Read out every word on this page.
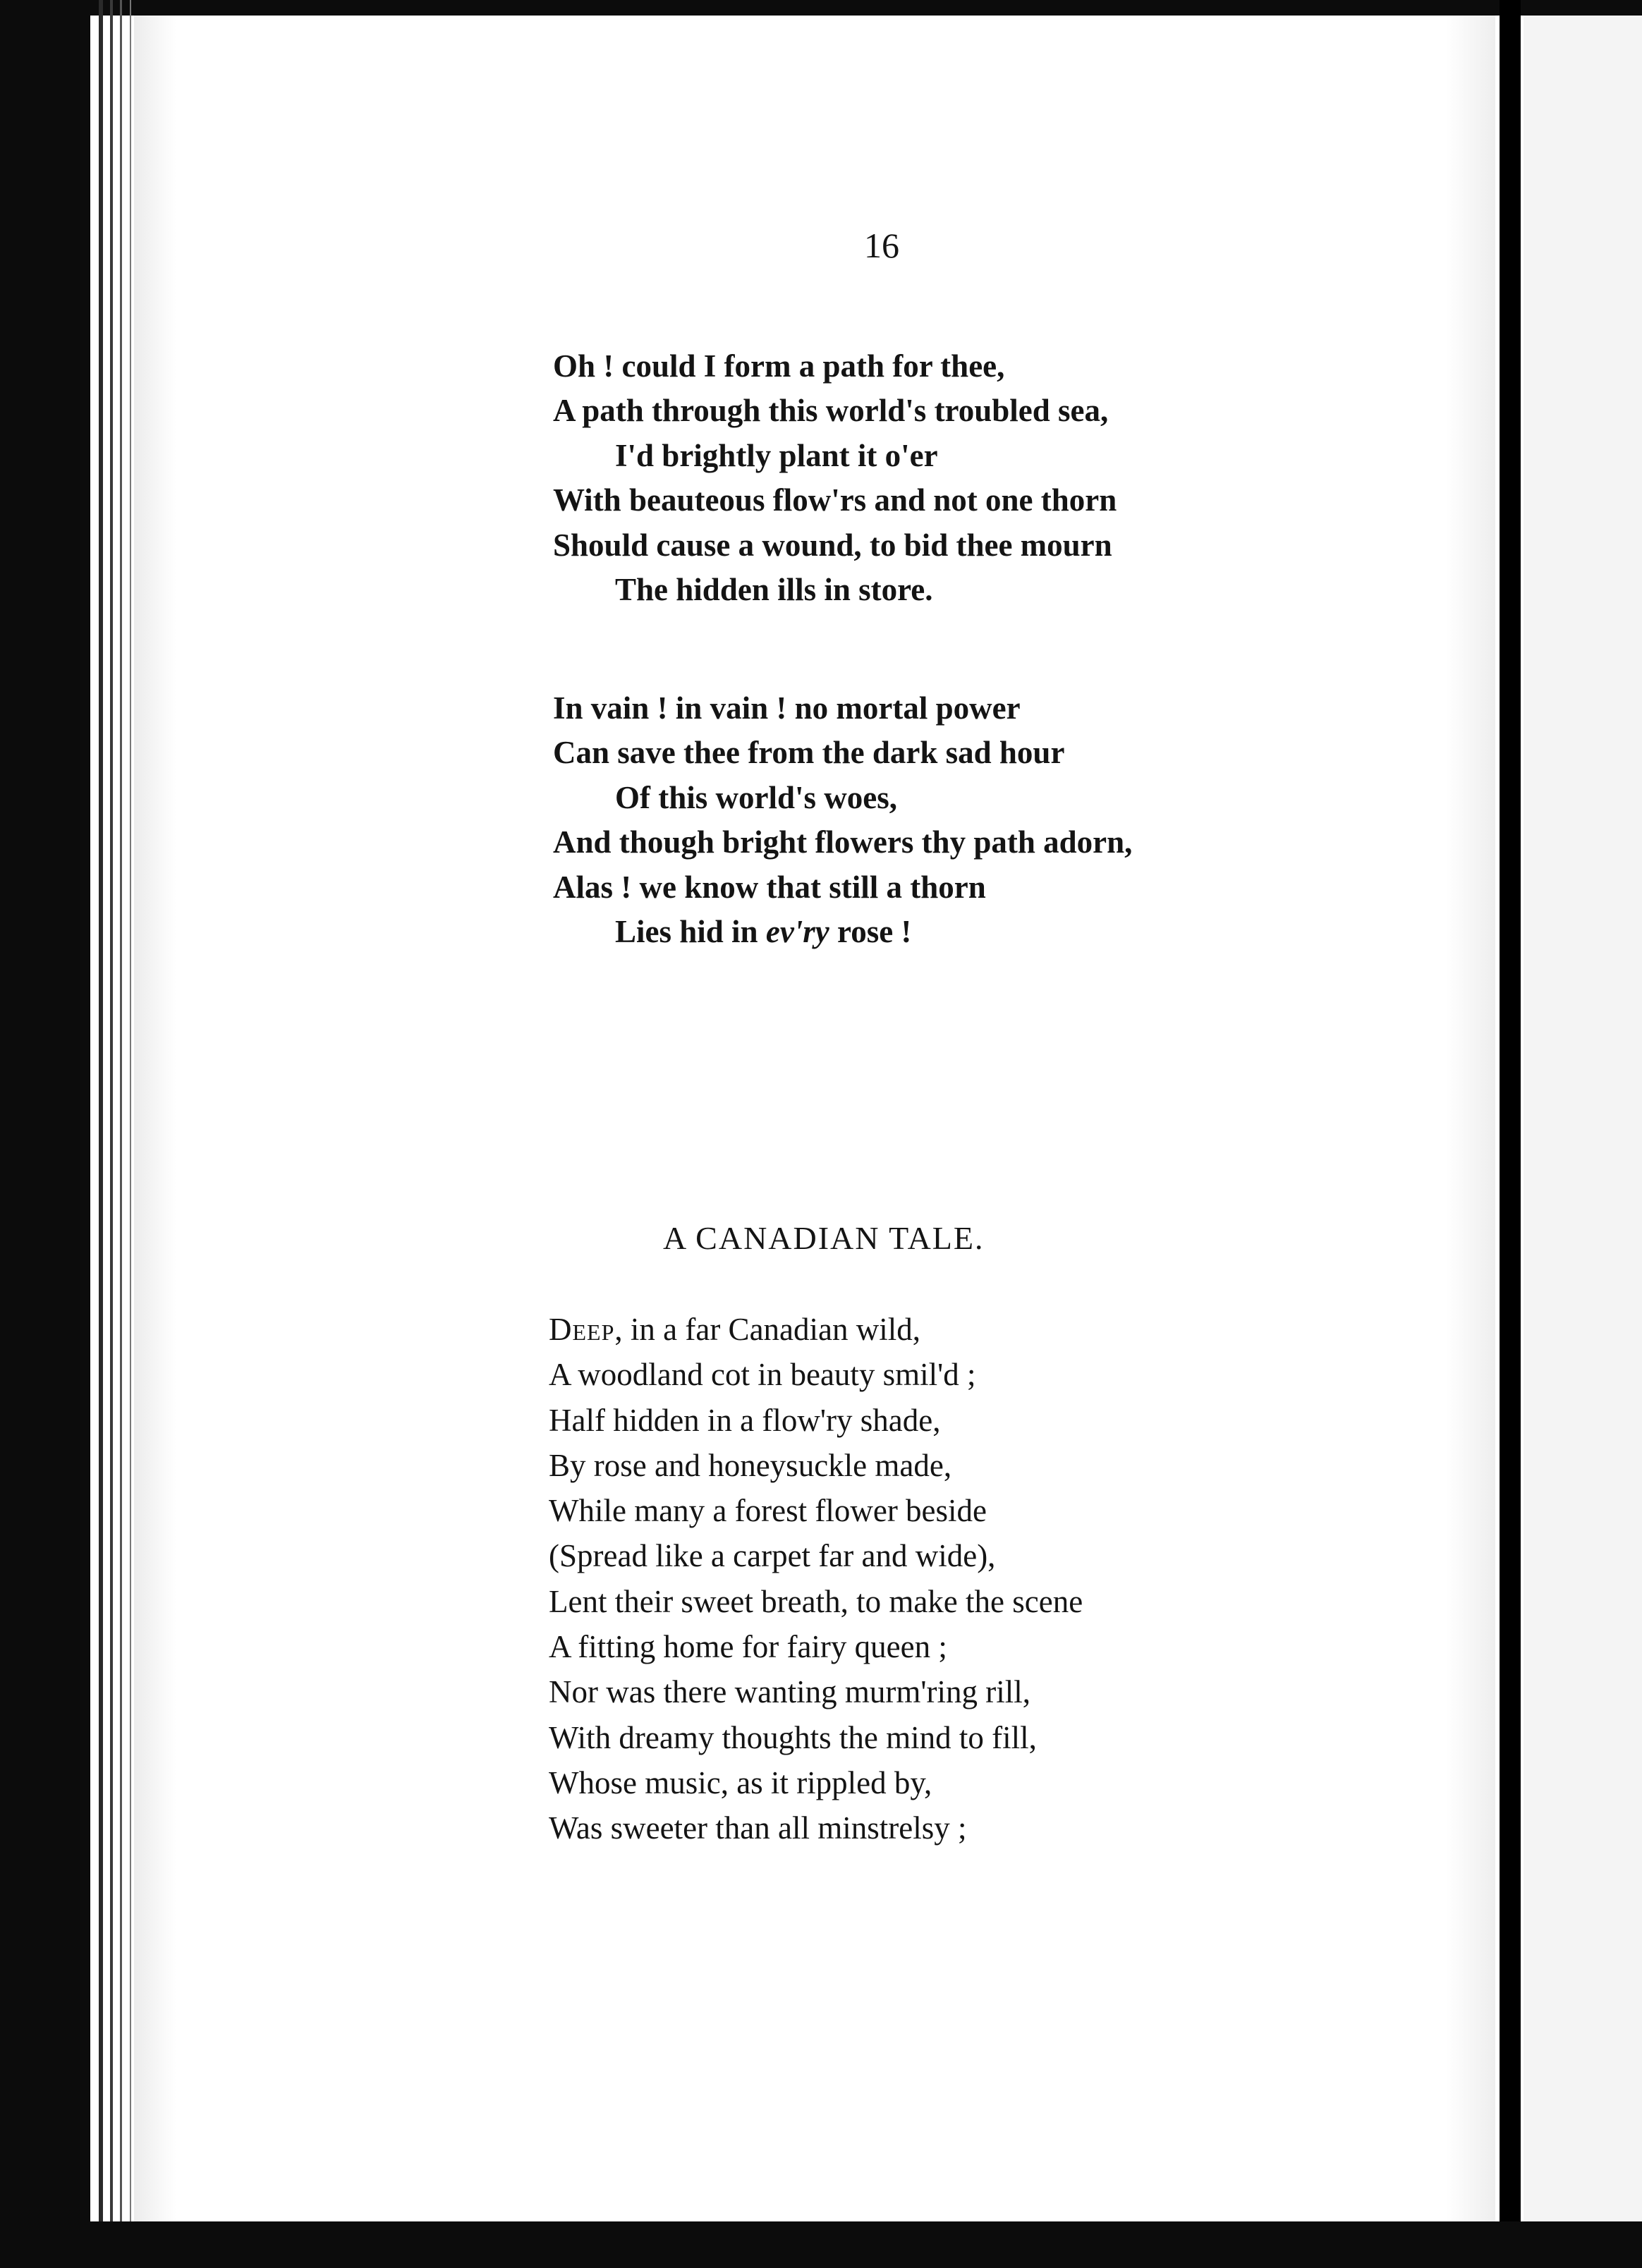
16
Oh ! could I form a path for thee,
A path through this world's troubled sea,
I'd brightly plant it o'er
With beauteous flow'rs and not one thorn
Should cause a wound, to bid thee mourn
The hidden ills in store.
In vain ! in vain ! no mortal power
Can save thee from the dark sad hour
Of this world's woes,
And though bright flowers thy path adorn,
Alas ! we know that still a thorn
Lies hid in ev'ry rose !
A CANADIAN TALE.
Deep, in a far Canadian wild,
A woodland cot in beauty smil'd ;
Half hidden in a flow'ry shade,
By rose and honeysuckle made,
While many a forest flower beside
(Spread like a carpet far and wide),
Lent their sweet breath, to make the scene
A fitting home for fairy queen ;
Nor was there wanting murm'ring rill,
With dreamy thoughts the mind to fill,
Whose music, as it rippled by,
Was sweeter than all minstrelsy ;
